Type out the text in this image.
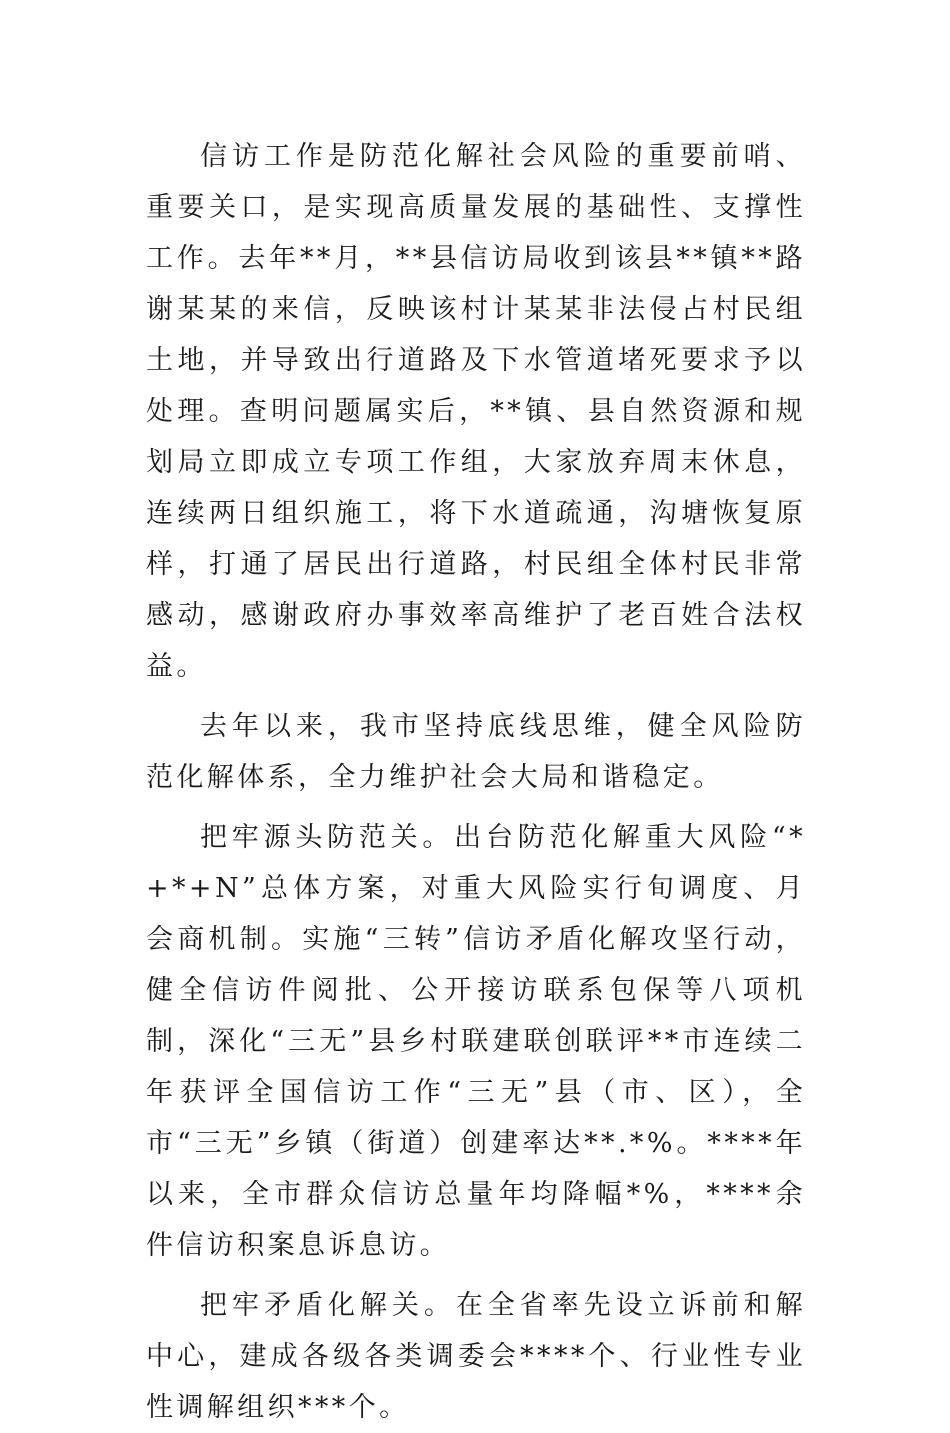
信访工作是防范化解社会风险的重要前哨、重要关口，是实现高质量发展的基础性、支撑性工作。去年**月，**县信访局收到该县**镇**路谢某某的来信，反映该村计某某非法侵占村民组土地，并导致出行道路及下水管道堵死要求予以处理。查明问题属实后，**镇、县自然资源和规划局立即成立专项工作组，大家放弃周末休息，连续两日组织施工，将下水道疏通，沟塘恢复原样，打通了居民出行道路，村民组全体村民非常感动，感谢政府办事效率高维护了老百姓合法权益。

去年以来，我市坚持底线思维，健全风险防范化解体系，全力维护社会大局和谐稳定。

把牢源头防范关。出台防范化解重大风险“*+*+N”总体方案，对重大风险实行旬调度、月会商机制。实施“三转”信访矛盾化解攻坚行动，健全信访件阅批、公开接访联系包保等八项机制，深化“三无”县乡村联建联创联评**市连续二年获评全国信访工作“三无”县（市、区），全市“三无”乡镇（街道）创建率达**.*%。****年以来，全市群众信访总量年均降幅*%，****余件信访积案息诉息访。

把牢矛盾化解关。在全省率先设立诉前和解中心，建成各级各类调委会****个、行业性专业性调解组织***个。
